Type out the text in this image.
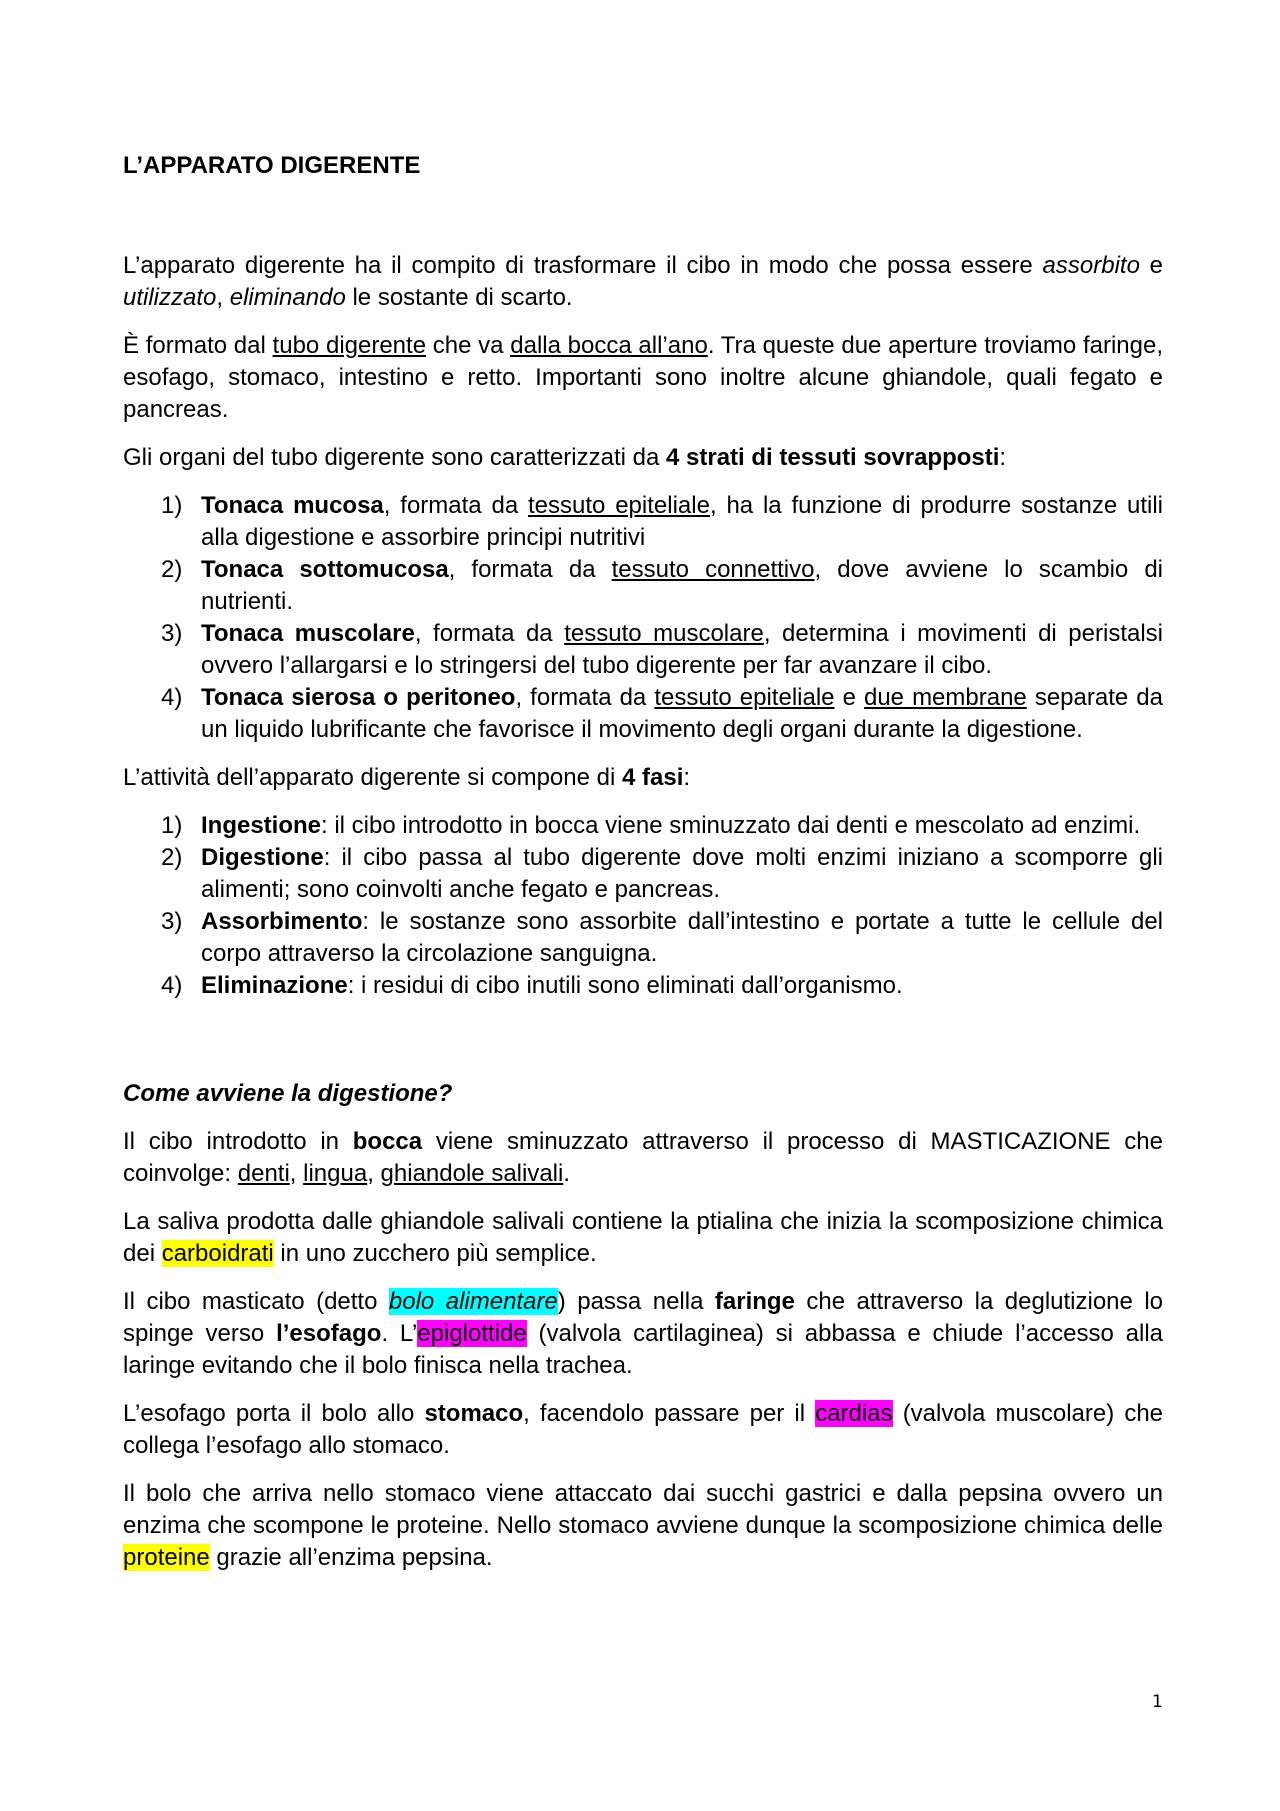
L’APPARATO DIGERENTE

L’apparato digerente ha il compito di trasformare il cibo in modo che possa essere assorbito e utilizzato, eliminando le sostante di scarto.

È formato dal tubo digerente che va dalla bocca all’ano. Tra queste due aperture troviamo faringe, esofago, stomaco, intestino e retto. Importanti sono inoltre alcune ghiandole, quali fegato e pancreas.

Gli organi del tubo digerente sono caratterizzati da 4 strati di tessuti sovrapposti:

1) Tonaca mucosa, formata da tessuto epiteliale, ha la funzione di produrre sostanze utili alla digestione e assorbire principi nutritivi
2) Tonaca sottomucosa, formata da tessuto connettivo, dove avviene lo scambio di nutrienti.
3) Tonaca muscolare, formata da tessuto muscolare, determina i movimenti di peristalsi ovvero l’allargarsi e lo stringersi del tubo digerente per far avanzare il cibo.
4) Tonaca sierosa o peritoneo, formata da tessuto epiteliale e due membrane separate da un liquido lubrificante che favorisce il movimento degli organi durante la digestione.

L’attività dell’apparato digerente si compone di 4 fasi:

1) Ingestione: il cibo introdotto in bocca viene sminuzzato dai denti e mescolato ad enzimi.
2) Digestione: il cibo passa al tubo digerente dove molti enzimi iniziano a scomporre gli alimenti; sono coinvolti anche fegato e pancreas.
3) Assorbimento: le sostanze sono assorbite dall’intestino e portate a tutte le cellule del corpo attraverso la circolazione sanguigna.
4) Eliminazione: i residui di cibo inutili sono eliminati dall’organismo.
Come avviene la digestione?

Il cibo introdotto in bocca viene sminuzzato attraverso il processo di MASTICAZIONE che coinvolge: denti, lingua, ghiandole salivali.

La saliva prodotta dalle ghiandole salivali contiene la ptialina che inizia la scomposizione chimica dei carboidrati in uno zucchero più semplice.

Il cibo masticato (detto bolo alimentare) passa nella faringe che attraverso la deglutizione lo spinge verso l’esofago. L’epiglottide (valvola cartilaginea) si abbassa e chiude l’accesso alla laringe evitando che il bolo finisca nella trachea.

L’esofago porta il bolo allo stomaco, facendolo passare per il cardias (valvola muscolare) che collega l’esofago allo stomaco.

Il bolo che arriva nello stomaco viene attaccato dai succhi gastrici e dalla pepsina ovvero un enzima che scompone le proteine. Nello stomaco avviene dunque la scomposizione chimica delle proteine grazie all’enzima pepsina.

1
